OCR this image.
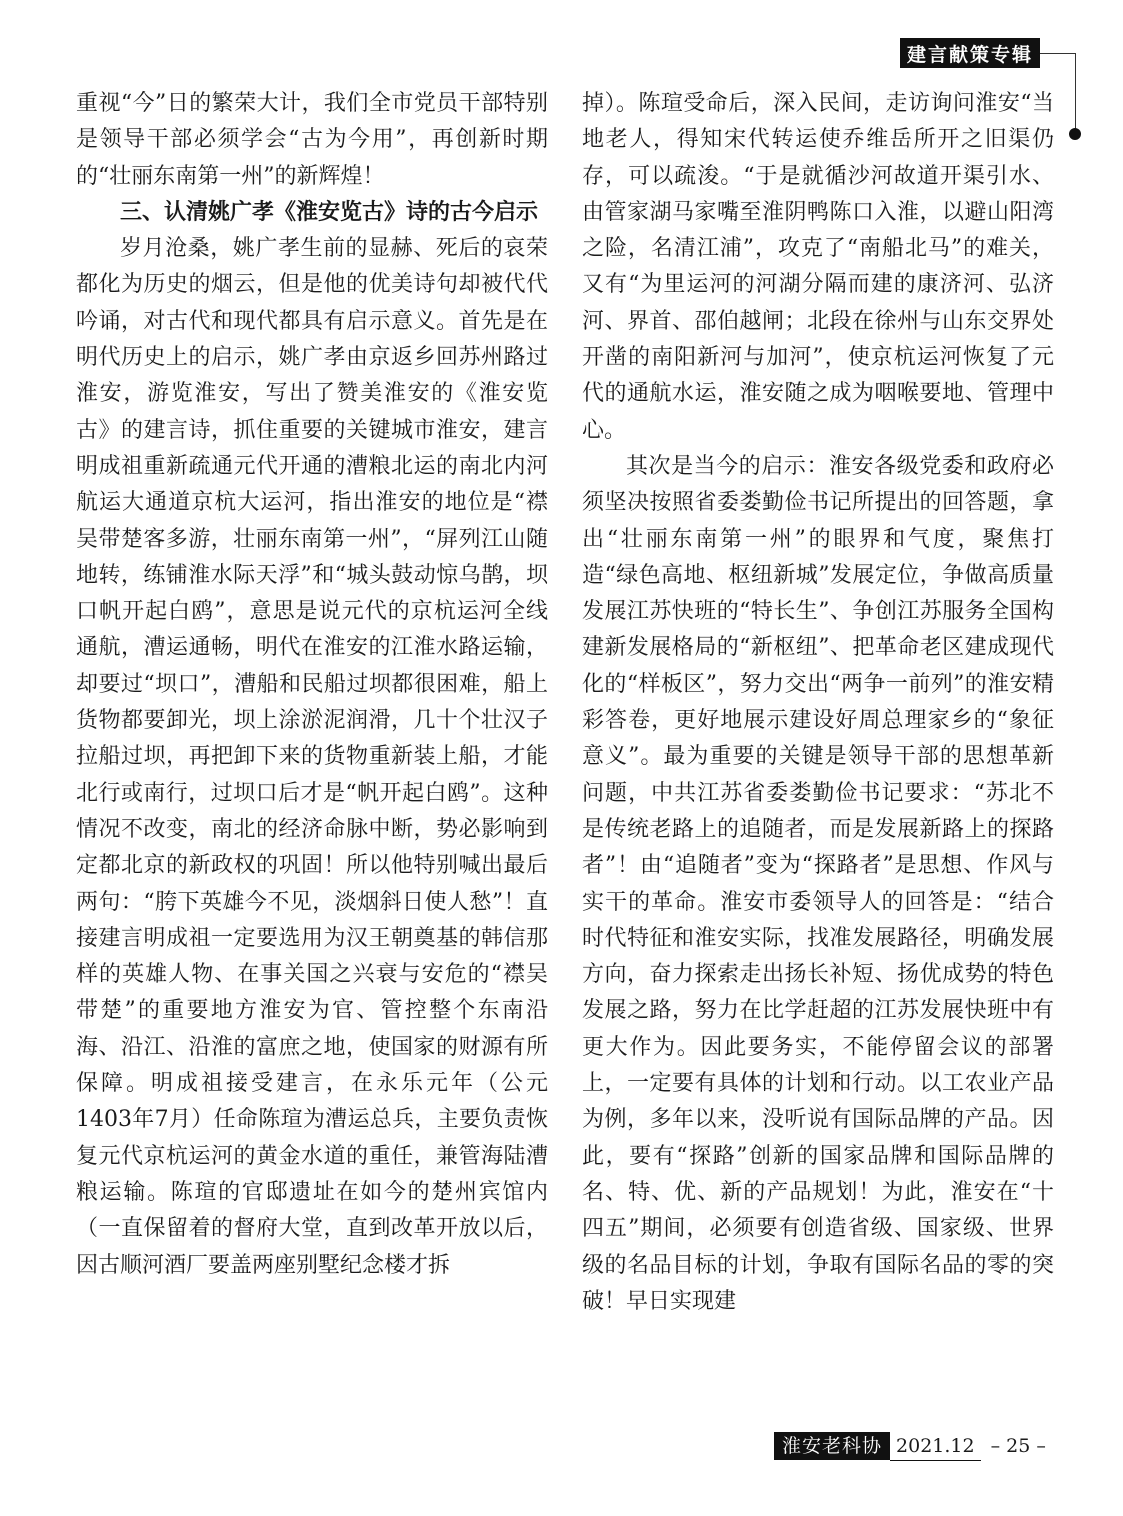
建言献策专辑

重视“今”日的繁荣大计，我们全市党员干部特别是领导干部必须学会“古为今用”，再创新时期的“壮丽东南第一州”的新辉煌！

三、认清姚广孝《淮安览古》诗的古今启示

岁月沧桑，姚广孝生前的显赫、死后的哀荣都化为历史的烟云，但是他的优美诗句却被代代吟诵，对古代和现代都具有启示意义。首先是在明代历史上的启示，姚广孝由京返乡回苏州路过淮安，游览淮安，写出了赞美淮安的《淮安览古》的建言诗，抓住重要的关键城市淮安，建言明成祖重新疏通元代开通的漕粮北运的南北内河航运大通道京杭大运河，指出淮安的地位是“襟吴带楚客多游，壮丽东南第一州”，“屏列江山随地转，练铺淮水际天浮”和“城头鼓动惊乌鹊，坝口帆开起白鸥”，意思是说元代的京杭运河全线通航，漕运通畅，明代在淮安的江淮水路运输，却要过“坝口”，漕船和民船过坝都很困难，船上货物都要卸光，坝上涂淤泥润滑，几十个壮汉子拉船过坝，再把卸下来的货物重新装上船，才能北行或南行，过坝口后才是“帆开起白鸥”。这种情况不改变，南北的经济命脉中断，势必影响到定都北京的新政权的巩固！所以他特别喊出最后两句：“胯下英雄今不见，淡烟斜日使人愁”！直接建言明成祖一定要选用为汉王朝奠基的韩信那样的英雄人物、在事关国之兴衰与安危的“襟吴带楚”的重要地方淮安为官、管控整个东南沿海、沿江、沿淮的富庶之地，使国家的财源有所保障。明成祖接受建言，在永乐元年（公元1403年7月）任命陈瑄为漕运总兵，主要负责恢复元代京杭运河的黄金水道的重任，兼管海陆漕粮运输。陈瑄的官邸遗址在如今的楚州宾馆内（一直保留着的督府大堂，直到改革开放以后，因古顺河酒厂要盖两座别墅纪念楼才拆

掉）。陈瑄受命后，深入民间，走访询问淮安“当地老人，得知宋代转运使乔维岳所开之旧渠仍存，可以疏浚。“于是就循沙河故道开渠引水、由管家湖马家嘴至淮阴鸭陈口入淮，以避山阳湾之险，名清江浦”，攻克了“南船北马”的难关，又有“为里运河的河湖分隔而建的康济河、弘济河、界首、邵伯越闸；北段在徐州与山东交界处开凿的南阳新河与加河”，使京杭运河恢复了元代的通航水运，淮安随之成为咽喉要地、管理中心。

其次是当今的启示：淮安各级党委和政府必须坚决按照省委娄勤俭书记所提出的回答题，拿出“壮丽东南第一州”的眼界和气度，聚焦打造“绿色高地、枢纽新城”发展定位，争做高质量发展江苏快班的“特长生”、争创江苏服务全国构建新发展格局的“新枢纽”、把革命老区建成现代化的“样板区”，努力交出“两争一前列”的淮安精彩答卷，更好地展示建设好周总理家乡的“象征意义”。最为重要的关键是领导干部的思想革新问题，中共江苏省委娄勤俭书记要求：“苏北不是传统老路上的追随者，而是发展新路上的探路者”！由“追随者”变为“探路者”是思想、作风与实干的革命。淮安市委领导人的回答是：“结合时代特征和淮安实际，找准发展路径，明确发展方向，奋力探索走出扬长补短、扬优成势的特色发展之路，努力在比学赶超的江苏发展快班中有更大作为。因此要务实，不能停留会议的部署上，一定要有具体的计划和行动。以工农业产品为例，多年以来，没听说有国际品牌的产品。因此，要有“探路”创新的国家品牌和国际品牌的名、特、优、新的产品规划！为此，淮安在“十四五”期间，必须要有创造省级、国家级、世界级的名品目标的计划，争取有国际名品的零的突破！早日实现建

淮安老科协 2021.12 – 25 –
